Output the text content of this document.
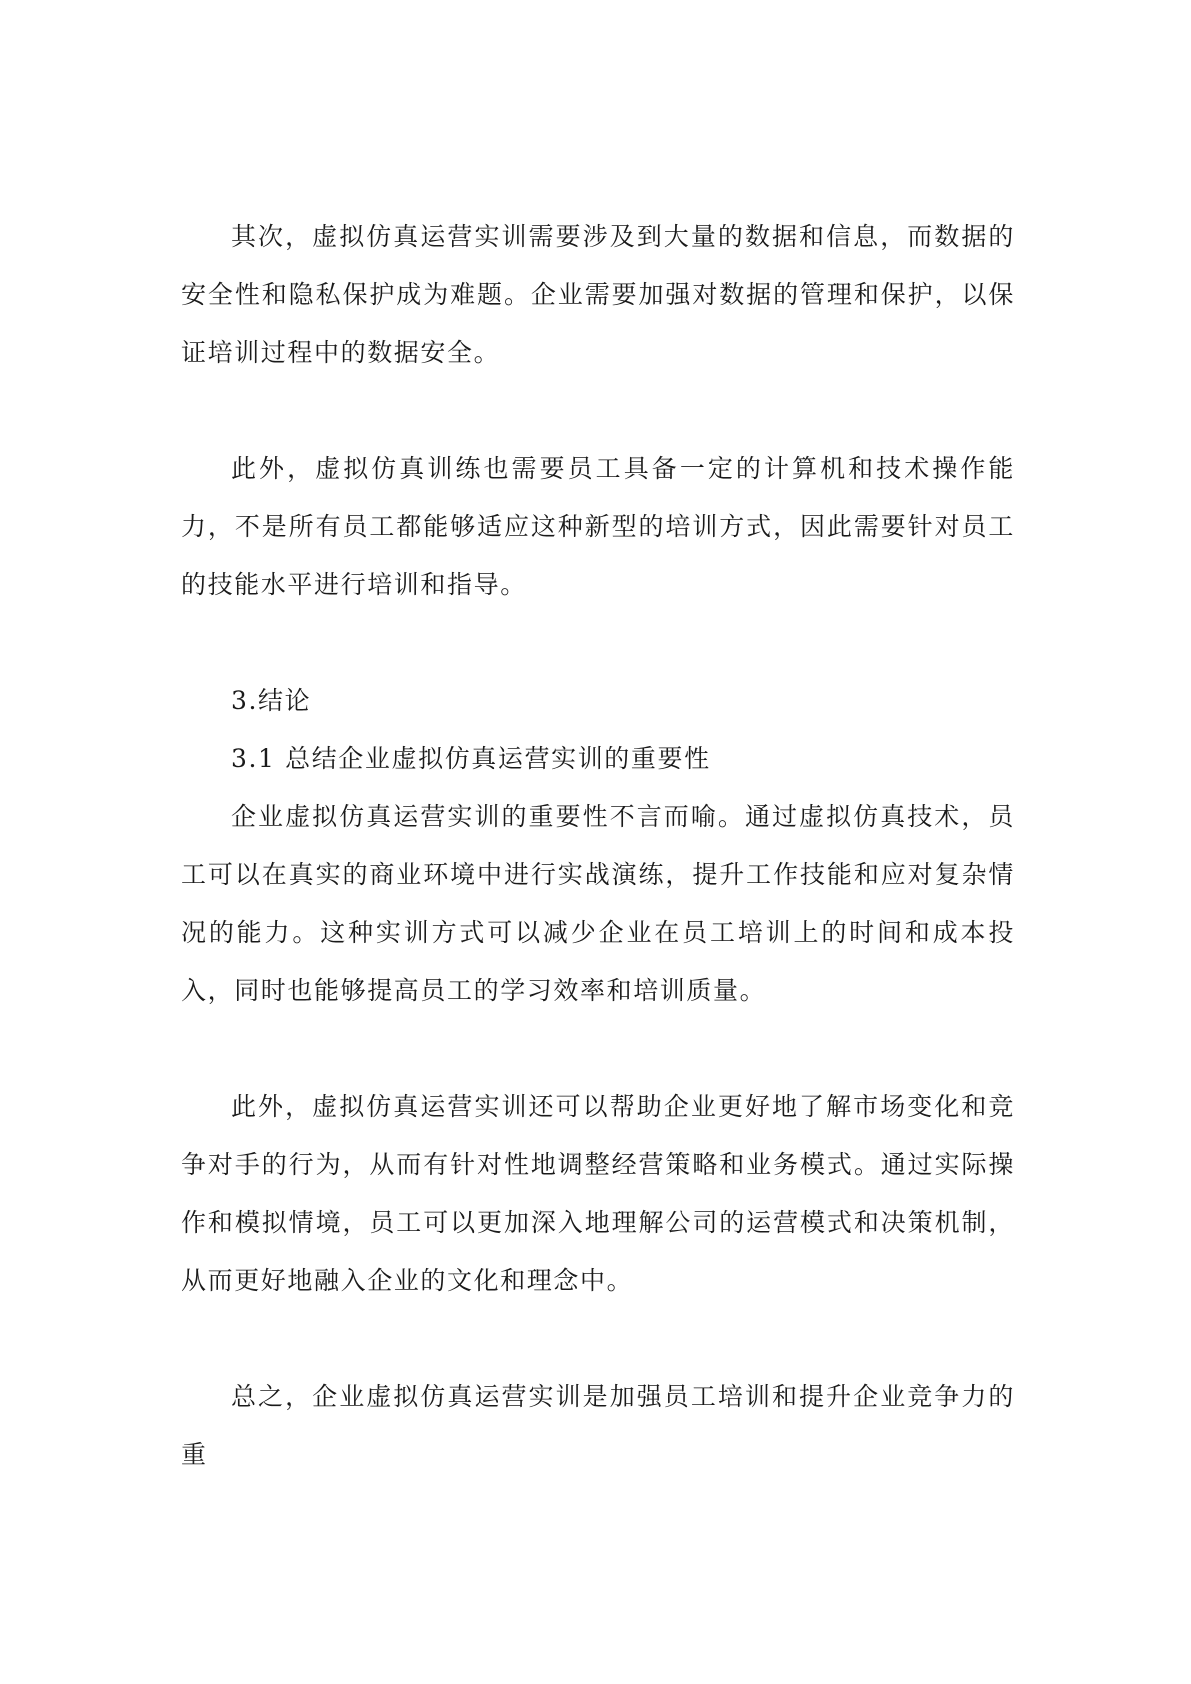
其次，虚拟仿真运营实训需要涉及到大量的数据和信息，而数据的安全性和隐私保护成为难题。企业需要加强对数据的管理和保护，以保证培训过程中的数据安全。

此外，虚拟仿真训练也需要员工具备一定的计算机和技术操作能力，不是所有员工都能够适应这种新型的培训方式，因此需要针对员工的技能水平进行培训和指导。

3.结论

3.1 总结企业虚拟仿真运营实训的重要性

企业虚拟仿真运营实训的重要性不言而喻。通过虚拟仿真技术，员工可以在真实的商业环境中进行实战演练，提升工作技能和应对复杂情况的能力。这种实训方式可以减少企业在员工培训上的时间和成本投入，同时也能够提高员工的学习效率和培训质量。

此外，虚拟仿真运营实训还可以帮助企业更好地了解市场变化和竞争对手的行为，从而有针对性地调整经营策略和业务模式。通过实际操作和模拟情境，员工可以更加深入地理解公司的运营模式和决策机制，从而更好地融入企业的文化和理念中。

总之，企业虚拟仿真运营实训是加强员工培训和提升企业竞争力的重
